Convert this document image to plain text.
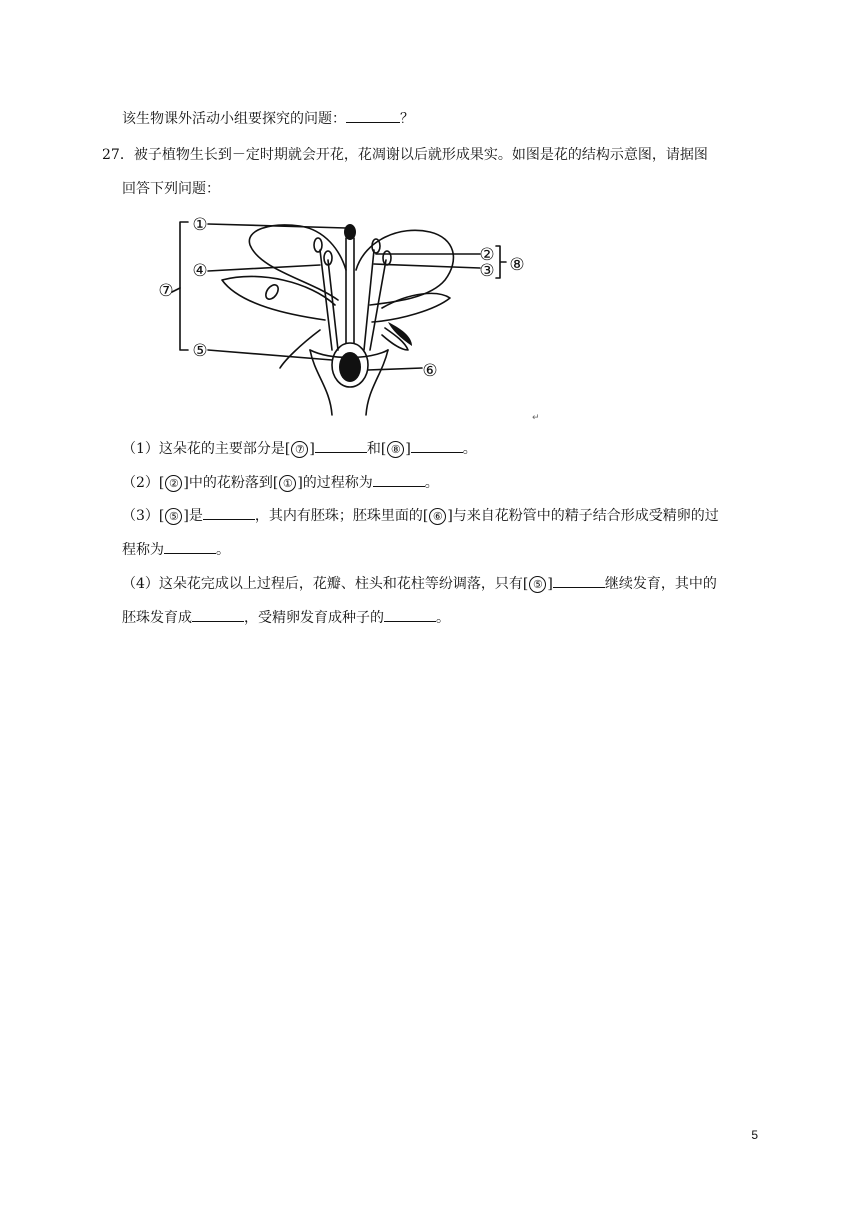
该生物课外活动小组要探究的问题：	？
27．被子植物生长到－定时期就会开花，花凋谢以后就形成果实。如图是花的结构示意图，请据图
回答下列问题：
①
②
③
④
⑤
⑥
⑦
⑧
↵
（1）这朵花的主要部分是[ ⑦ ]	和[ ⑧ ]	。
（2）[ ② ]中的花粉落到[ ① ]的过程称为	。
（3）[ ⑤ ]是	，其内有胚珠；胚珠里面的[ ⑥ ]与来自花粉管中的精子结合形成受精卵的过
程称为	。
（4）这朵花完成以上过程后，花瓣、柱头和花柱等纷调落，只有[ ⑤ ]	继续发育，其中的
胚珠发育成	，受精卵发育成种子的	。
5
